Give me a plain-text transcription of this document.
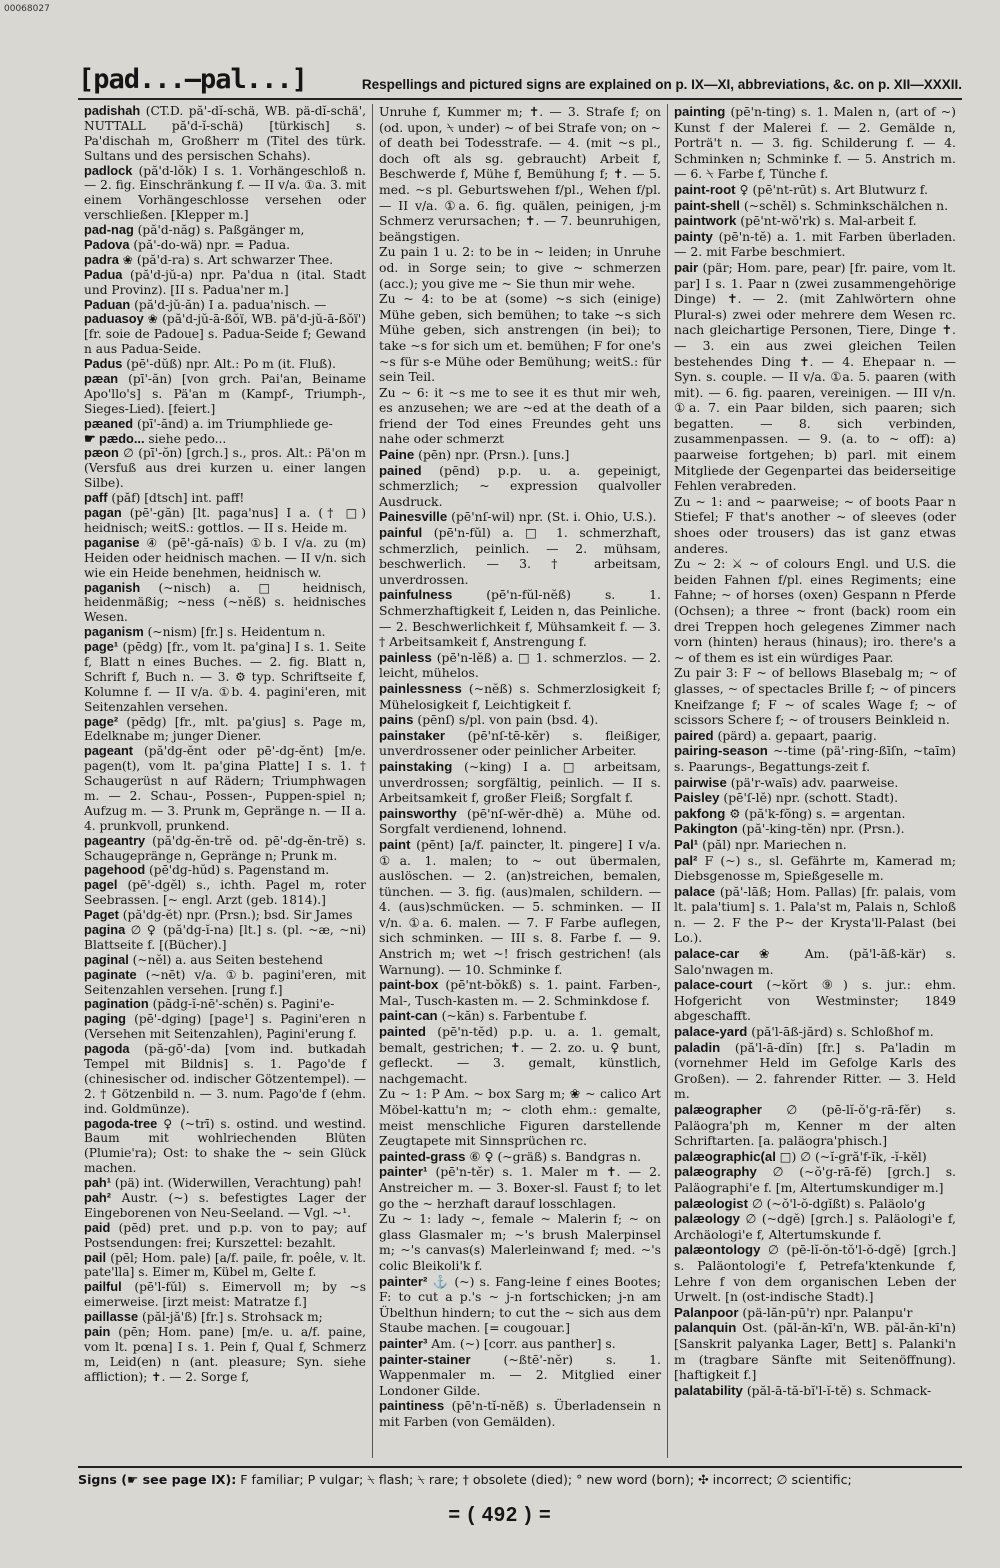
00068027
[pad...—pal...]	Respellings and pictured signs are explained on p. IX—XI, abbreviations, &c. on p. XII—XXXII.

padishah (CT.D. pă'-dĭ-schä, WB. pä-dĭ-schä', NUTTALL pă'd-ĭ-schä) [türkisch] s. Pa'dischah m, Großherr m (Titel des türk. Sultans und des persischen Schahs).

padlock (pă'd-lŏk) I s. 1. Vorhängeschloß n. — 2. fig. Einschränkung f. — II v/a. ①a. 3. mit einem Vorhängeschlosse versehen oder verschließen. [Klepper m.]

pad-nag (pă'd-năg) s. Paßgänger m,

Padova (pă'-do-wä) npr. = Padua.

padra ❀ (pă'd-ra) s. Art schwarzer Thee.

Padua (pă'd-jŭ-a) npr. Pa'dua n (ital. Stadt und Provinz). [II s. Padua'ner m.]

Paduan (pă'd-jŭ-ăn) I a. padua'nisch. —

paduasoy ❀ (pă'd-jŭ-ā-ßŏï, WB. pä'd-jŭ-ā-ßŏï') [fr. soie de Padoue] s. Padua-Seide f; Gewand n aus Padua-Seide.

Padus (pē'-dŭß) npr. Alt.: Po m (it. Fluß).

pæan (pī'-ăn) [von grch. Pai'an, Beiname Apo'llo's] s. Pä'an m (Kampf-, Triumph-, Sieges-Lied). [feiert.]

pæaned (pī'-ănd) a. im Triumphliede ge-

☛ pædo... siehe pedo...

pæon ∅ (pī'-ŏn) [grch.] s., pros. Alt.: Pä'on m (Versfuß aus drei kurzen u. einer langen Silbe).

paff (păf) [dtsch] int. paff!

pagan (pē'-găn) [lt. paga'nus] I a. († □) heidnisch; weitS.: gottlos. — II s. Heide m.

paganise ④ (pē'-gă-naīs) ①b. I v/a. zu (m) Heiden oder heidnisch machen. — II v/n. sich wie ein Heide benehmen, heidnisch w.

paganish (~nisch) a. □ heidnisch, heidenmäßig; ~ness (~nĕß) s. heidnisches Wesen.

paganism (~nism) [fr.] s. Heidentum n.

page¹ (pēdg) [fr., vom lt. pa'gina] I s. 1. Seite f, Blatt n eines Buches. — 2. fig. Blatt n, Schrift f, Buch n. — 3. ⚙ typ. Schriftseite f, Kolumne f. — II v/a. ①b. 4. pagini'eren, mit Seitenzahlen versehen.

page² (pēdg) [fr., mlt. pa'gius] s. Page m, Edelknabe m; junger Diener.

pageant (pă'dg-ĕnt oder pē'-dg-ĕnt) [m/e. pagen(t), vom lt. pa'gina Platte] I s. 1. † Schaugerüst n auf Rädern; Triumphwagen m. — 2. Schau-, Possen-, Puppen-spiel n; Aufzug m. — 3. Prunk m, Gepränge n. — II a. 4. prunkvoll, prunkend.

pageantry (pă'dg-ĕn-trĕ od. pē'-dg-ĕn-trĕ) s. Schaugepränge n, Gepränge n; Prunk m.

pagehood (pē'dg-hŭd) s. Pagenstand m.

pagel (pē'-dgĕl) s., ichth. Pagel m, roter Seebrassen. [~ engl. Arzt (geb. 1814).]

Paget (pă'dg-ĕt) npr. (Prsn.); bsd. Sir James

pagina ∅ ♀ (pă'dg-ĭ-na) [lt.] s. (pl. ~æ, ~ni) Blattseite f. [(Bücher).]

paginal (~nĕl) a. aus Seiten bestehend

paginate (~nēt) v/a. ①b. pagini'eren, mit Seitenzahlen versehen. [rung f.]

pagination (pădg-ĭ-nē'-schĕn) s. Pagini'e-

paging (pē'-dging) [page¹] s. Pagini'eren n (Versehen mit Seitenzahlen), Pagini'erung f.

pagoda (pă-gō'-da) [vom ind. butkadah Tempel mit Bildnis] s. 1. Pago'de f (chinesischer od. indischer Götzentempel). — 2. † Götzenbild n. — 3. num. Pago'de f (ehm. ind. Goldmünze).

pagoda-tree ♀ (~trī) s. ostind. und westind. Baum mit wohlriechenden Blüten (Plumie'ra); Ost: to shake the ~ sein Glück machen.

pah¹ (pä) int. (Widerwillen, Verachtung) pah!

pah² Austr. (~) s. befestigtes Lager der Eingeborenen von Neu-Seeland. — Vgl. ~¹.

paid (pēd) pret. und p.p. von to pay; auf Postsendungen: frei; Kurszettel: bezahlt.

pail (pēl; Hom. pale) [a/f. paile, fr. poêle, v. lt. pate'lla] s. Eimer m, Kübel m, Gelte f.

pailful (pē'l-fŭl) s. Eimervoll m; by ~s eimerweise. [irzt meist: Matratze f.]

paillasse (păl-jă'ß) [fr.] s. Strohsack m;

pain (pēn; Hom. pane) [m/e. u. a/f. paine, vom lt. pœna] I s. 1. Pein f, Qual f, Schmerz m, Leid(en) n (ant. pleasure; Syn. siehe affliction); ✝. — 2. Sorge f,

Unruhe f, Kummer m; ✝. — 3. Strafe f; on (od. upon, ⍀ under) ~ of bei Strafe von; on ~ of death bei Todesstrafe. — 4. (mit ~s pl., doch oft als sg. gebraucht) Arbeit f, Beschwerde f, Mühe f, Bemühung f; ✝. — 5. med. ~s pl. Geburtswehen f/pl., Wehen f/pl. — II v/a. ①a. 6. fig. quälen, peinigen, j-m Schmerz verursachen; ✝. — 7. beunruhigen, beängstigen.

Zu pain 1 u. 2: to be in ~ leiden; in Unruhe od. in Sorge sein; to give ~ schmerzen (acc.); you give me ~ Sie thun mir wehe.

Zu ~ 4: to be at (some) ~s sich (einige) Mühe geben, sich bemühen; to take ~s sich Mühe geben, sich anstrengen (in bei); to take ~s for sich um et. bemühen; F for one's ~s für s-e Mühe oder Bemühung; weitS.: für sein Teil.

Zu ~ 6: it ~s me to see it es thut mir weh, es anzusehen; we are ~ed at the death of a friend der Tod eines Freundes geht uns nahe oder schmerzt

Paine (pēn) npr. (Prsn.). [uns.]

pained (pēnd) p.p. u. a. gepeinigt, schmerzlich; ~ expression qualvoller Ausdruck.

Painesville (pē'nſ-wil) npr. (St. i. Ohio, U.S.).

painful (pē'n-fŭl) a. □ 1. schmerzhaft, schmerzlich, peinlich. — 2. mühsam, beschwerlich. — 3. † arbeitsam, unverdrossen.

painfulness (pē'n-fŭl-nĕß) s. 1. Schmerzhaftigkeit f, Leiden n, das Peinliche. — 2. Beschwerlichkeit f, Mühsamkeit f. — 3. † Arbeitsamkeit f, Anstrengung f.

painless (pē'n-lĕß) a. □ 1. schmerzlos. — 2. leicht, mühelos.

painlessness (~nĕß) s. Schmerzlosigkeit f; Mühelosigkeit f, Leichtigkeit f.

pains (pēnſ) s/pl. von pain (bsd. 4).

painstaker (pē'nſ-tē-kĕr) s. fleißiger, unverdrossener oder peinlicher Arbeiter.

painstaking (~king) I a. □ arbeitsam, unverdrossen; sorgfältig, peinlich. — II s. Arbeitsamkeit f, großer Fleiß; Sorgfalt f.

painsworthy (pē'nſ-wĕr-dhĕ) a. Mühe od. Sorgfalt verdienend, lohnend.

paint (pēnt) [a/f. paincter, lt. pingere] I v/a. ①a. 1. malen; to ~ out übermalen, auslöschen. — 2. (an)streichen, bemalen, tünchen. — 3. fig. (aus)malen, schildern. — 4. (aus)schmücken. — 5. schminken. — II v/n. ①a. 6. malen. — 7. F Farbe auflegen, sich schminken. — III s. 8. Farbe f. — 9. Anstrich m; wet ~! frisch gestrichen! (als Warnung). — 10. Schminke f.

paint-box (pē'nt-bŏkß) s. 1. paint. Farben-, Mal-, Tusch-kasten m. — 2. Schminkdose f.

paint-can (~kăn) s. Farbentube f.

painted (pē'n-tĕd) p.p. u. a. 1. gemalt, bemalt, gestrichen; ✝. — 2. zo. u. ♀ bunt, gefleckt. — 3. gemalt, künstlich, nachgemacht.

Zu ~ 1: P Am. ~ box Sarg m; ❀ ~ calico Art Möbel-kattu'n m; ~ cloth ehm.: gemalte, meist menschliche Figuren darstellende Zeugtapete mit Sinnsprüchen rc.

painted-grass ⑥ ♀ (~gräß) s. Bandgras n.

painter¹ (pē'n-tĕr) s. 1. Maler m ✝. — 2. Anstreicher m. — 3. Boxer-sl. Faust f; to let go the ~ herzhaft darauf losschlagen.

Zu ~ 1: lady ~, female ~ Malerin f; ~ on glass Glasmaler m; ~'s brush Malerpinsel m; ~'s canvas(s) Malerleinwand f; med. ~'s colic Bleikoli'k f.

painter² ⚓ (~) s. Fang-leine f eines Bootes; F: to cut a p.'s ~ j-n fortschicken; j-n am Übelthun hindern; to cut the ~ sich aus dem Staube machen. [= cougouar.]

painter³ Am. (~) [corr. aus panther] s.

painter-stainer (~ßtē'-nĕr) s. 1. Wappenmaler m. — 2. Mitglied einer Londoner Gilde.

paintiness (pē'n-tĭ-nĕß) s. Überladensein n mit Farben (von Gemälden).

painting (pē'n-ting) s. 1. Malen n, (art of ~) Kunst f der Malerei f. — 2. Gemälde n, Porträ't n. — 3. fig. Schilderung f. — 4. Schminken n; Schminke f. — 5. Anstrich m. — 6. ⍀ Farbe f, Tünche f.

paint-root ♀ (pē'nt-rūt) s. Art Blutwurz f.

paint-shell (~schĕl) s. Schminkschälchen n.

paintwork (pē'nt-wŏ'rk) s. Mal-arbeit f.

painty (pē'n-tĕ) a. 1. mit Farben überladen. — 2. mit Farbe beschmiert.

pair (pär; Hom. pare, pear) [fr. paire, vom lt. par] I s. 1. Paar n (zwei zusammengehörige Dinge) ✝. — 2. (mit Zahlwörtern ohne Plural-s) zwei oder mehrere dem Wesen rc. nach gleichartige Personen, Tiere, Dinge ✝. — 3. ein aus zwei gleichen Teilen bestehendes Ding ✝. — 4. Ehepaar n. — Syn. s. couple. — II v/a. ①a. 5. paaren (with mit). — 6. fig. paaren, vereinigen. — III v/n. ①a. 7. ein Paar bilden, sich paaren; sich begatten. — 8. sich verbinden, zusammenpassen. — 9. (a. to ~ off): a) paarweise fortgehen; b) parl. mit einem Mitgliede der Gegenpartei das beiderseitige Fehlen verabreden.

Zu ~ 1: and ~ paarweise; ~ of boots Paar n Stiefel; F that's another ~ of sleeves (oder shoes oder trousers) das ist ganz etwas anderes.

Zu ~ 2: ⚔ ~ of colours Engl. und U.S. die beiden Fahnen f/pl. eines Regiments; eine Fahne; ~ of horses (oxen) Gespann n Pferde (Ochsen); a three ~ front (back) room ein drei Treppen hoch gelegenes Zimmer nach vorn (hinten) heraus (hinaus); iro. there's a ~ of them es ist ein würdiges Paar.

Zu pair 3: F ~ of bellows Blasebalg m; ~ of glasses, ~ of spectacles Brille f; ~ of pincers Kneifzange f; F ~ of scales Wage f; ~ of scissors Schere f; ~ of trousers Beinkleid n.

paired (pärd) a. gepaart, paarig.

pairing-season ~-time (pä'-ring-ßīſn, ~taīm) s. Paarungs-, Begattungs-zeit f.

pairwise (pä'r-waīs) adv. paarweise.

Paisley (pē'ſ-lĕ) npr. (schott. Stadt).

pakfong ⚙ (pă'k-fŏng) s. = argentan.

Pakington (pă'-king-tĕn) npr. (Prsn.).

Pal¹ (păl) npr. Mariechen n.

pal² F (~) s., sl. Gefährte m, Kamerad m; Diebsgenosse m, Spießgeselle m.

palace (pă'-lāß; Hom. Pallas) [fr. palais, vom lt. pala'tium] s. 1. Pala'st m, Palais n, Schloß n. — 2. F the P~ der Krysta'll-Palast (bei Lo.).

palace-car ❀ Am. (pă'l-āß-kär) s. Salo'nwagen m.

palace-court (~kŏrt ⑨) s. jur.: ehm. Hofgericht von Westminster; 1849 abgeschafft.

palace-yard (pă'l-āß-jărd) s. Schloßhof m.

paladin (pă'l-ā-dĭn) [fr.] s. Pa'ladin m (vornehmer Held im Gefolge Karls des Großen). — 2. fahrender Ritter. — 3. Held m.

palæographer ∅ (pē-lĭ-ŏ'g-rā-fĕr) s. Paläogra'ph m, Kenner m der alten Schriftarten. [a. paläogra'phisch.]

palæographic(al □) ∅ (~ĭ-gră'f-ĭk, -ĭ-kĕl)

palæography ∅ (~ŏ'g-rā-fĕ) [grch.] s. Paläographi'e f. [m, Altertumskundiger m.]

palæologist ∅ (~ŏ'l-ŏ-dgĭßt) s. Paläolo'g

palæology ∅ (~dgĕ) [grch.] s. Paläologi'e f, Archäologi'e f, Altertumskunde f.

palæontology ∅ (pē-lĭ-ŏn-tŏ'l-ŏ-dgĕ) [grch.] s. Paläontologi'e f, Petrefa'ktenkunde f, Lehre f von dem organischen Leben der Urwelt. [n (ost-indische Stadt).]

Palanpoor (pä-lăn-pū'r) npr. Palanpu'r

palanquin Ost. (păl-ăn-kī'n, WB. păl-ăn-kī'n) [Sanskrit palyanka Lager, Bett] s. Palanki'n m (tragbare Sänfte mit Seitenöffnung). [haftigkeit f.]

palatability (păl-ā-tă-bĭ'l-ĭ-tĕ) s. Schmack-

Signs (☛ see page IX): F familiar; P vulgar; ⍀ flash; ⍀ rare; † obsolete (died); ° new word (born); ✣ incorrect; ∅ scientific;
= ( 492 ) =
